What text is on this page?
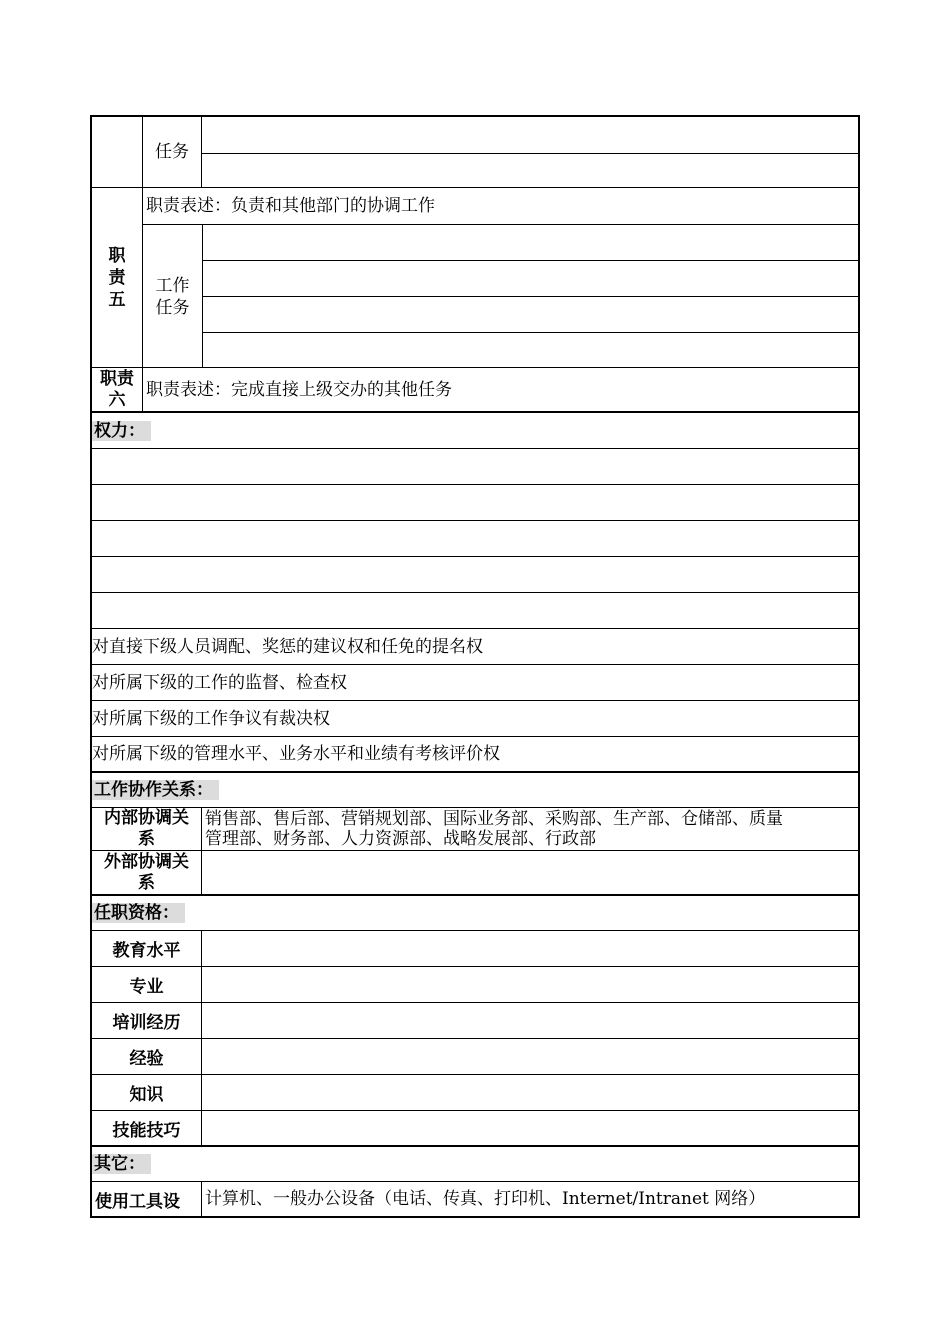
任务
职
责
五
职责表述：负责和其他部门的协调工作
工作
任务
职责
六	职责表述：完成直接上级交办的其他任务
权力：
对直接下级人员调配、奖惩的建议权和任免的提名权
对所属下级的工作的监督、检查权
对所属下级的工作争议有裁决权
对所属下级的管理水平、业务水平和业绩有考核评价权
工作协作关系：
内部协调关
系
销售部、售后部、营销规划部、国际业务部、采购部、生产部、仓储部、质量
管理部、财务部、人力资源部、战略发展部、行政部
外部协调关
系
任职资格：
教育水平
专业
培训经历
经验
知识
技能技巧
其它：
使用工具设	计算机、一般办公设备（电话、传真、打印机、Internet/Intranet 网络）
